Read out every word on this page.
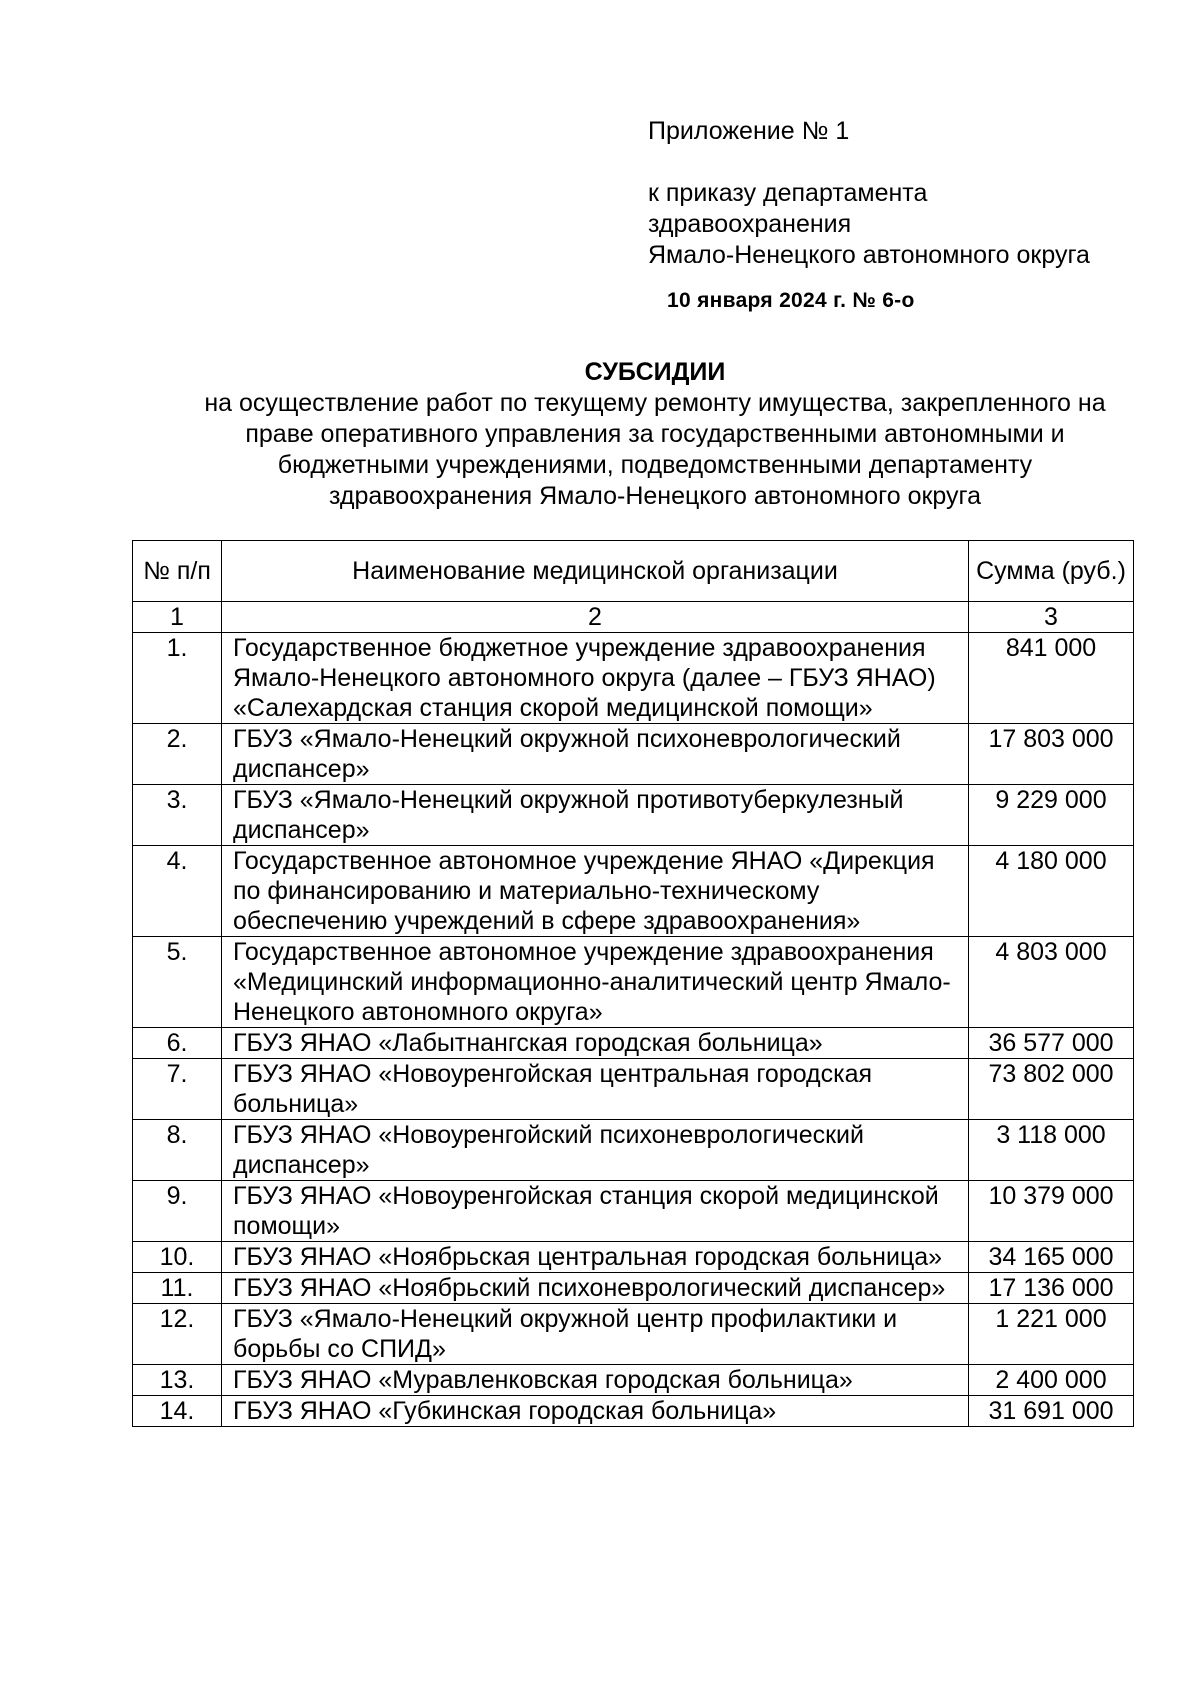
Приложение № 1

к приказу департамента

здравоохранения

Ямало-Ненецкого автономного округа

10 января 2024 г. № 6-о
СУБСИДИИ
на осуществление работ по текущему ремонту имущества, закрепленного на
праве оперативного управления за государственными автономными и
бюджетными учреждениями, подведомственными департаменту
здравоохранения Ямало-Ненецкого автономного округа
№ п/п	Наименование медицинской организации	Сумма (руб.)
1	2	3
1.	Государственное бюджетное учреждение здравоохранения Ямало-Ненецкого автономного округа (далее – ГБУЗ ЯНАО) «Салехардская станция скорой медицинской помощи»	841 000
2.	ГБУЗ «Ямало-Ненецкий окружной психоневрологический диспансер»	17 803 000
3.	ГБУЗ «Ямало-Ненецкий окружной противотуберкулезный диспансер»	9 229 000
4.	Государственное автономное учреждение ЯНАО «Дирекция по финансированию и материально-техническому обеспечению учреждений в сфере здравоохранения»	4 180 000
5.	Государственное автономное учреждение здравоохранения «Медицинский информационно-аналитический центр Ямало-Ненецкого автономного округа»	4 803 000
6.	ГБУЗ ЯНАО «Лабытнангская городская больница»	36 577 000
7.	ГБУЗ ЯНАО «Новоуренгойская центральная городская больница»	73 802 000
8.	ГБУЗ ЯНАО «Новоуренгойский психоневрологический диспансер»	3 118 000
9.	ГБУЗ ЯНАО «Новоуренгойская станция скорой медицинской помощи»	10 379 000
10.	ГБУЗ ЯНАО «Ноябрьская центральная городская больница»	34 165 000
11.	ГБУЗ ЯНАО «Ноябрьский психоневрологический диспансер»	17 136 000
12.	ГБУЗ «Ямало-Ненецкий окружной центр профилактики и борьбы со СПИД»	1 221 000
13.	ГБУЗ ЯНАО «Муравленковская городская больница»	2 400 000
14.	ГБУЗ ЯНАО «Губкинская городская больница»	31 691 000
